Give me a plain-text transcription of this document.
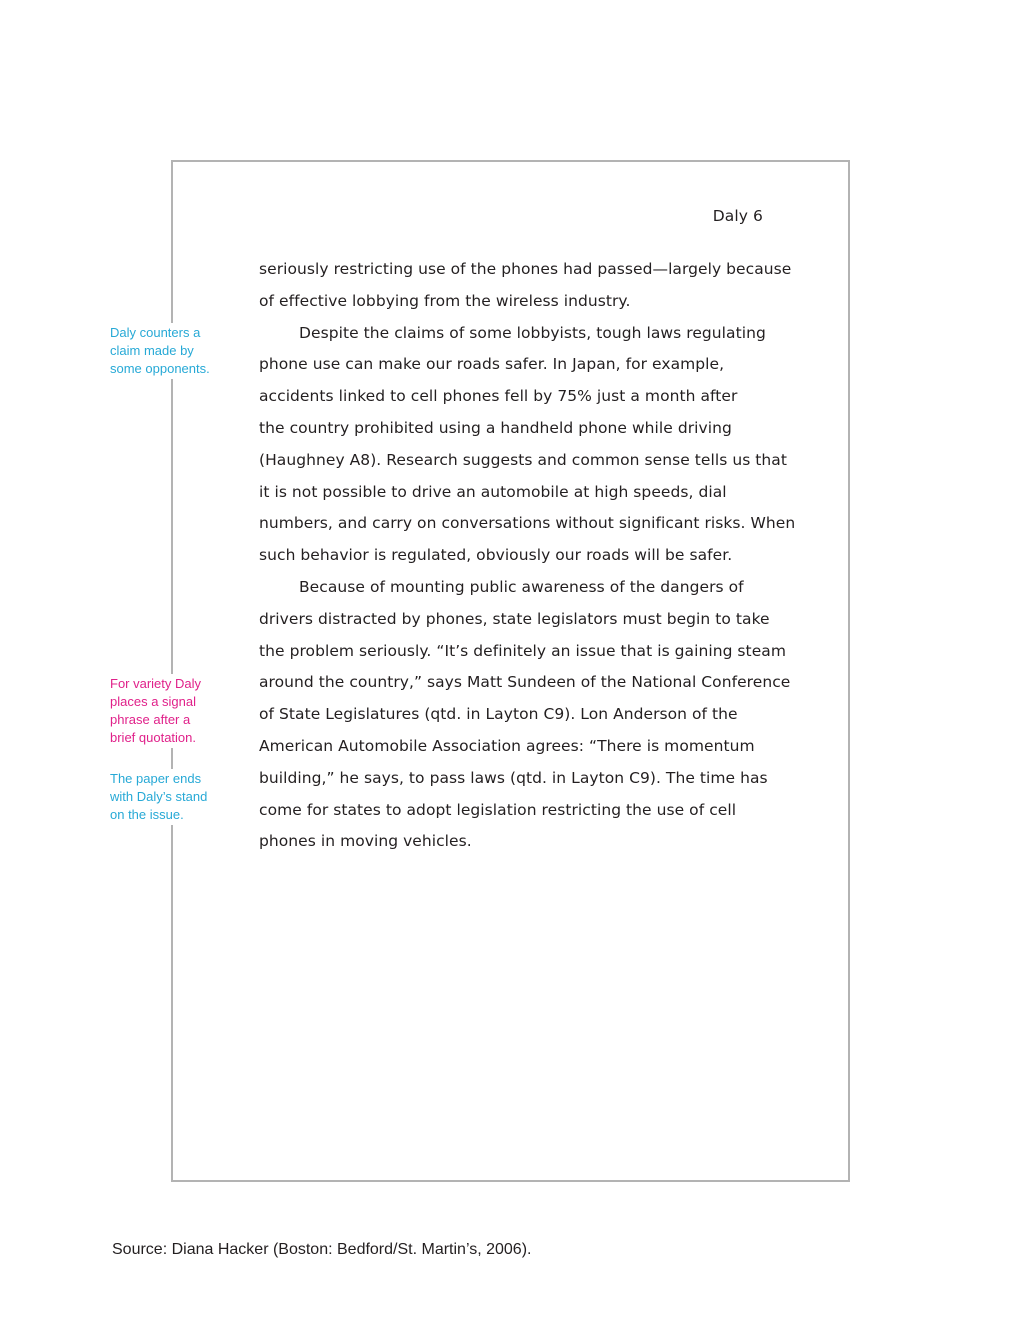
Daly 6
seriously restricting use of the phones had passed—largely because
of effective lobbying from the wireless industry.
Despite the claims of some lobbyists, tough laws regulating
phone use can make our roads safer. In Japan, for example,
accidents linked to cell phones fell by 75% just a month after
the country prohibited using a handheld phone while driving
(Haughney A8). Research suggests and common sense tells us that
it is not possible to drive an automobile at high speeds, dial
numbers, and carry on conversations without significant risks. When
such behavior is regulated, obviously our roads will be safer.
Because of mounting public awareness of the dangers of
drivers distracted by phones, state legislators must begin to take
the problem seriously. “It’s definitely an issue that is gaining steam
around the country,” says Matt Sundeen of the National Conference
of State Legislatures (qtd. in Layton C9). Lon Anderson of the
American Automobile Association agrees: “There is momentum
building,” he says, to pass laws (qtd. in Layton C9). The time has
come for states to adopt legislation restricting the use of cell
phones in moving vehicles.
Daly counters a
claim made by
some opponents.
For variety Daly
places a signal
phrase after a
brief quotation.
The paper ends
with Daly’s stand
on the issue.
Source: Diana Hacker (Boston: Bedford/St. Martin’s, 2006).
